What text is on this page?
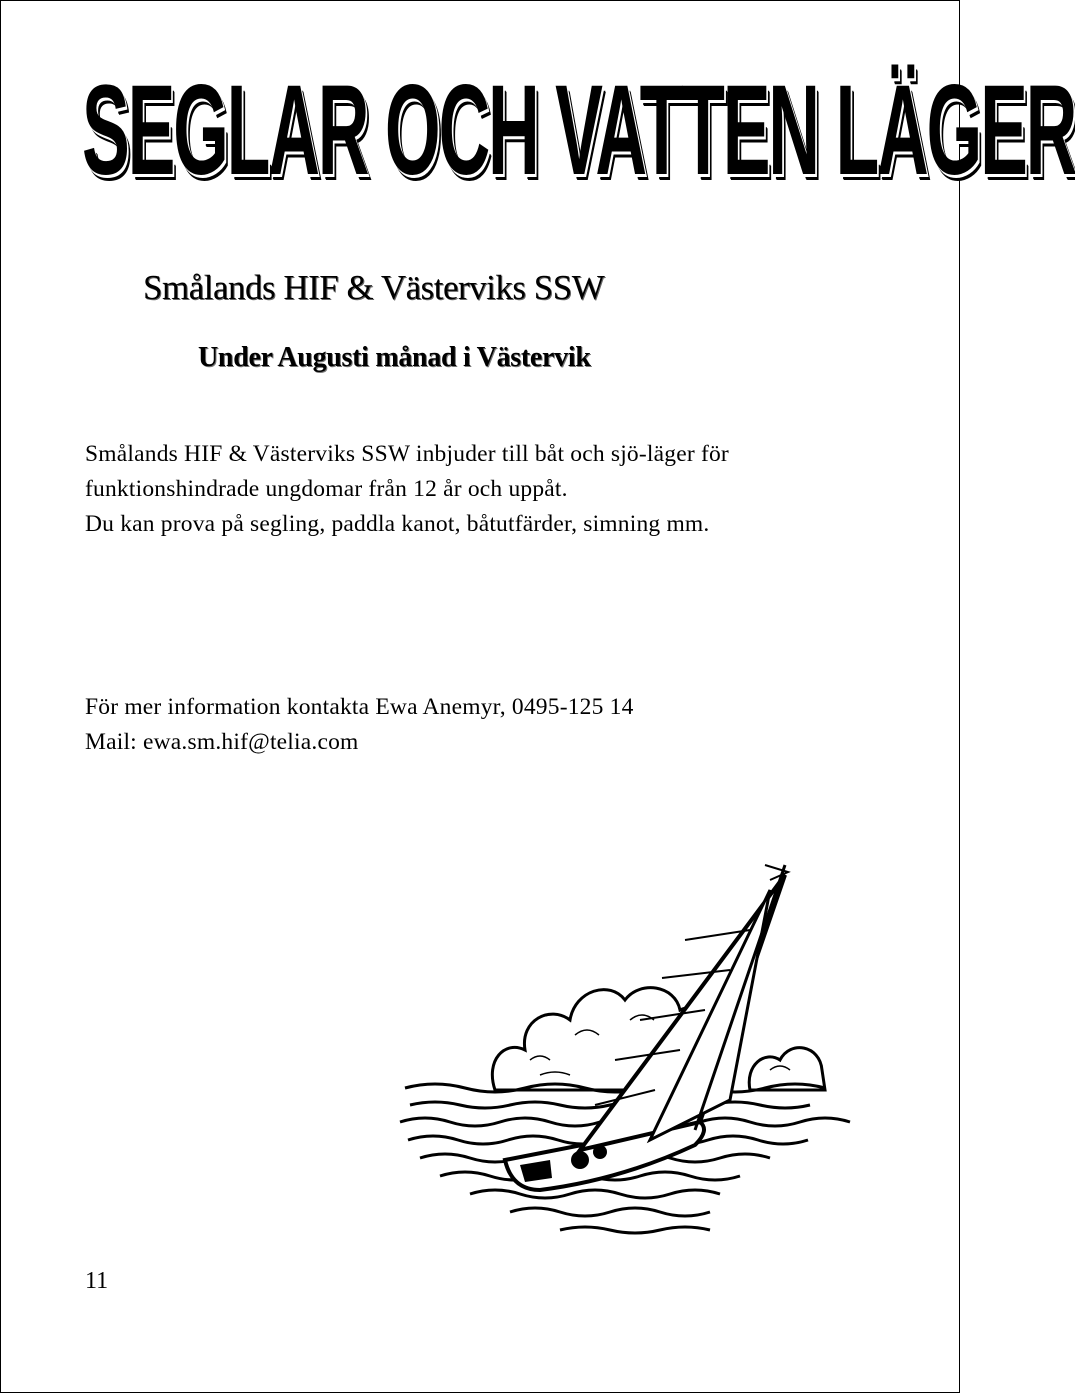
SEGLAR OCH VATTEN LÄGER
Smålands HIF & Västerviks SSW
Under Augusti månad i Västervik

Smålands HIF & Västerviks SSW inbjuder till båt och sjö-läger för
funktionshindrade ungdomar från 12 år och uppåt.
Du kan prova på segling, paddla kanot, båtutfärder, simning mm.

För mer information kontakta Ewa Anemyr, 0495-125 14
Mail: ewa.sm.hif@telia.com

11
